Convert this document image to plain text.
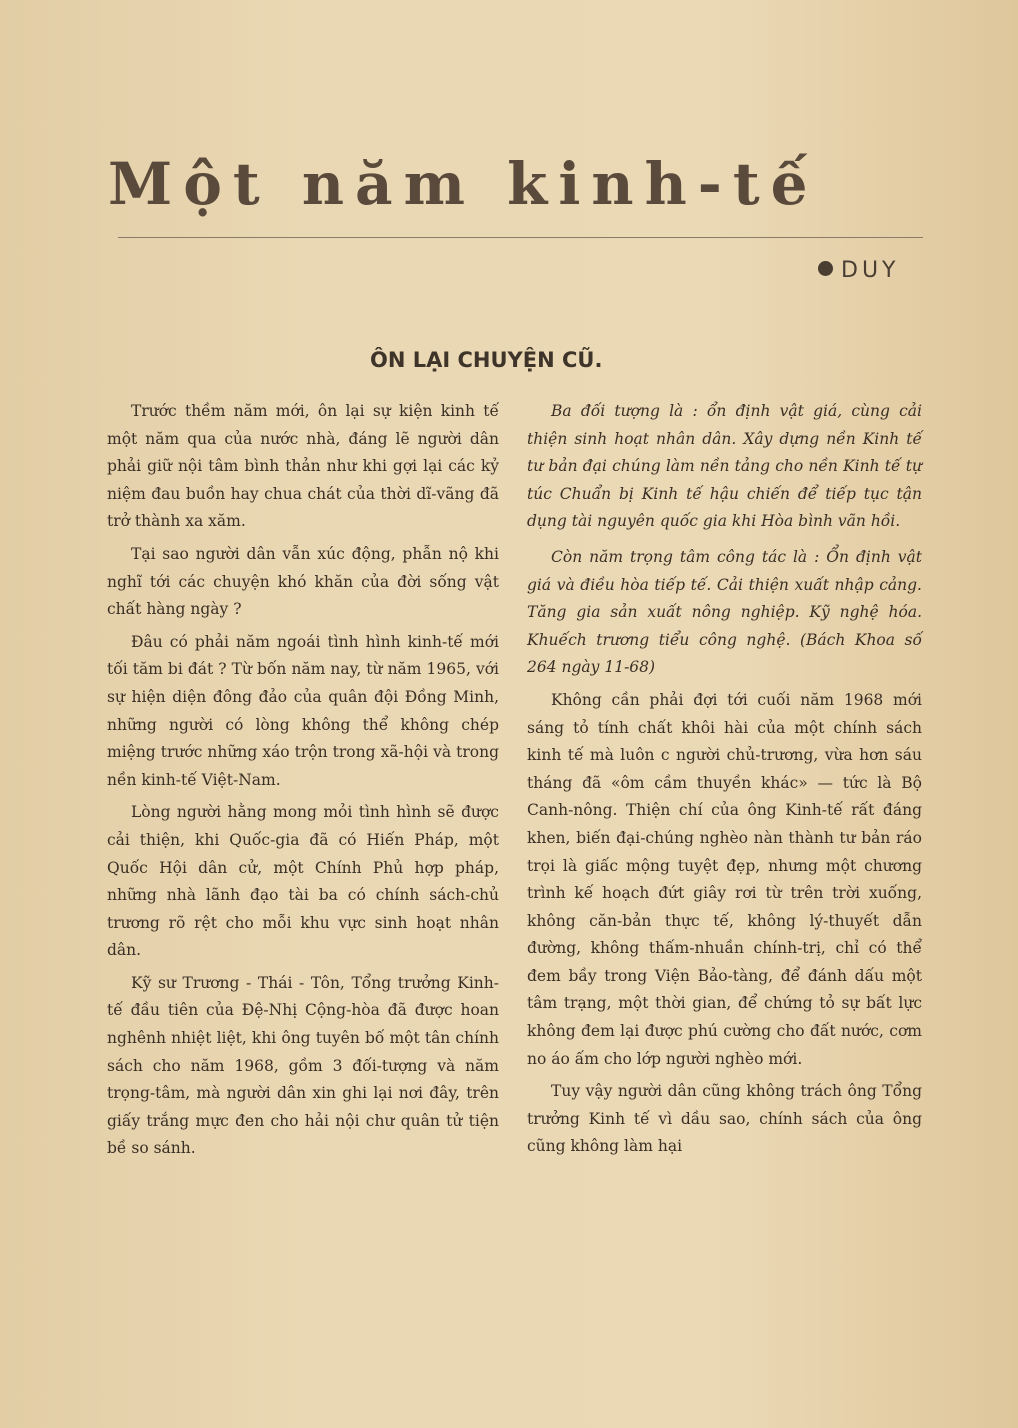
Một năm kinh-tế
DUY
ÔN LẠI CHUYỆN CŨ.

Trước thềm năm mới, ôn lại sự kiện kinh tế một năm qua của nước nhà, đáng lẽ người dân phải giữ nội tâm bình thản như khi gợi lại các kỷ niệm đau buồn hay chua chát của thời dĩ-vãng đã trở thành xa xăm.

Tại sao người dân vẫn xúc động, phẫn nộ khi nghĩ tới các chuyện khó khăn của đời sống vật chất hàng ngày ?

Đâu có phải năm ngoái tình hình kinh-tế mới tối tăm bi đát ? Từ bốn năm nay, từ năm 1965, với sự hiện diện đông đảo của quân đội Đồng Minh, những người có lòng không thể không chép miệng trước những xáo trộn trong xã-hội và trong nền kinh-tế Việt-Nam.

Lòng người hằng mong mỏi tình hình sẽ được cải thiện, khi Quốc-gia đã có Hiến Pháp, một Quốc Hội dân cử, một Chính Phủ hợp pháp, những nhà lãnh đạo tài ba có chính sách-chủ trương rõ rệt cho mỗi khu vực sinh hoạt nhân dân.

Kỹ sư Trương - Thái - Tôn, Tổng trưởng Kinh-tế đầu tiên của Đệ-Nhị Cộng-hòa đã được hoan nghênh nhiệt liệt, khi ông tuyên bố một tân chính sách cho năm 1968, gồm 3 đối-tượng và năm trọng-tâm, mà người dân xin ghi lại nơi đây, trên giấy trắng mực đen cho hải nội chư quân tử tiện bề so sánh.

Ba đối tượng là : ổn định vật giá, cùng cải thiện sinh hoạt nhân dân. Xây dựng nền Kinh tế tư bản đại chúng làm nền tảng cho nền Kinh tế tự túc Chuẩn bị Kinh tế hậu chiến để tiếp tục tận dụng tài nguyên quốc gia khi Hòa bình vãn hồi.

Còn năm trọng tâm công tác là : Ổn định vật giá và điều hòa tiếp tế. Cải thiện xuất nhập cảng. Tăng gia sản xuất nông nghiệp. Kỹ nghệ hóa. Khuếch trương tiểu công nghệ. (Bách Khoa số 264 ngày 11-68)

Không cần phải đợi tới cuối năm 1968 mới sáng tỏ tính chất khôi hài của một chính sách kinh tế mà luôn c người chủ-trương, vừa hơn sáu tháng đã «ôm cầm thuyền khác» — tức là Bộ Canh-nông. Thiện chí của ông Kinh-tế rất đáng khen, biến đại-chúng nghèo nàn thành tư bản ráo trọi là giấc mộng tuyệt đẹp, nhưng một chương trình kế hoạch đứt giây rơi từ trên trời xuống, không căn-bản thực tế, không lý-thuyết dẫn đường, không thấm-nhuần chính-trị, chỉ có thể đem bầy trong Viện Bảo-tàng, để đánh dấu một tâm trạng, một thời gian, để chứng tỏ sự bất lực không đem lại được phú cường cho đất nước, cơm no áo ấm cho lớp người nghèo mới.

Tuy vậy người dân cũng không trách ông Tổng trưởng Kinh tế vì dầu sao, chính sách của ông cũng không làm hại
